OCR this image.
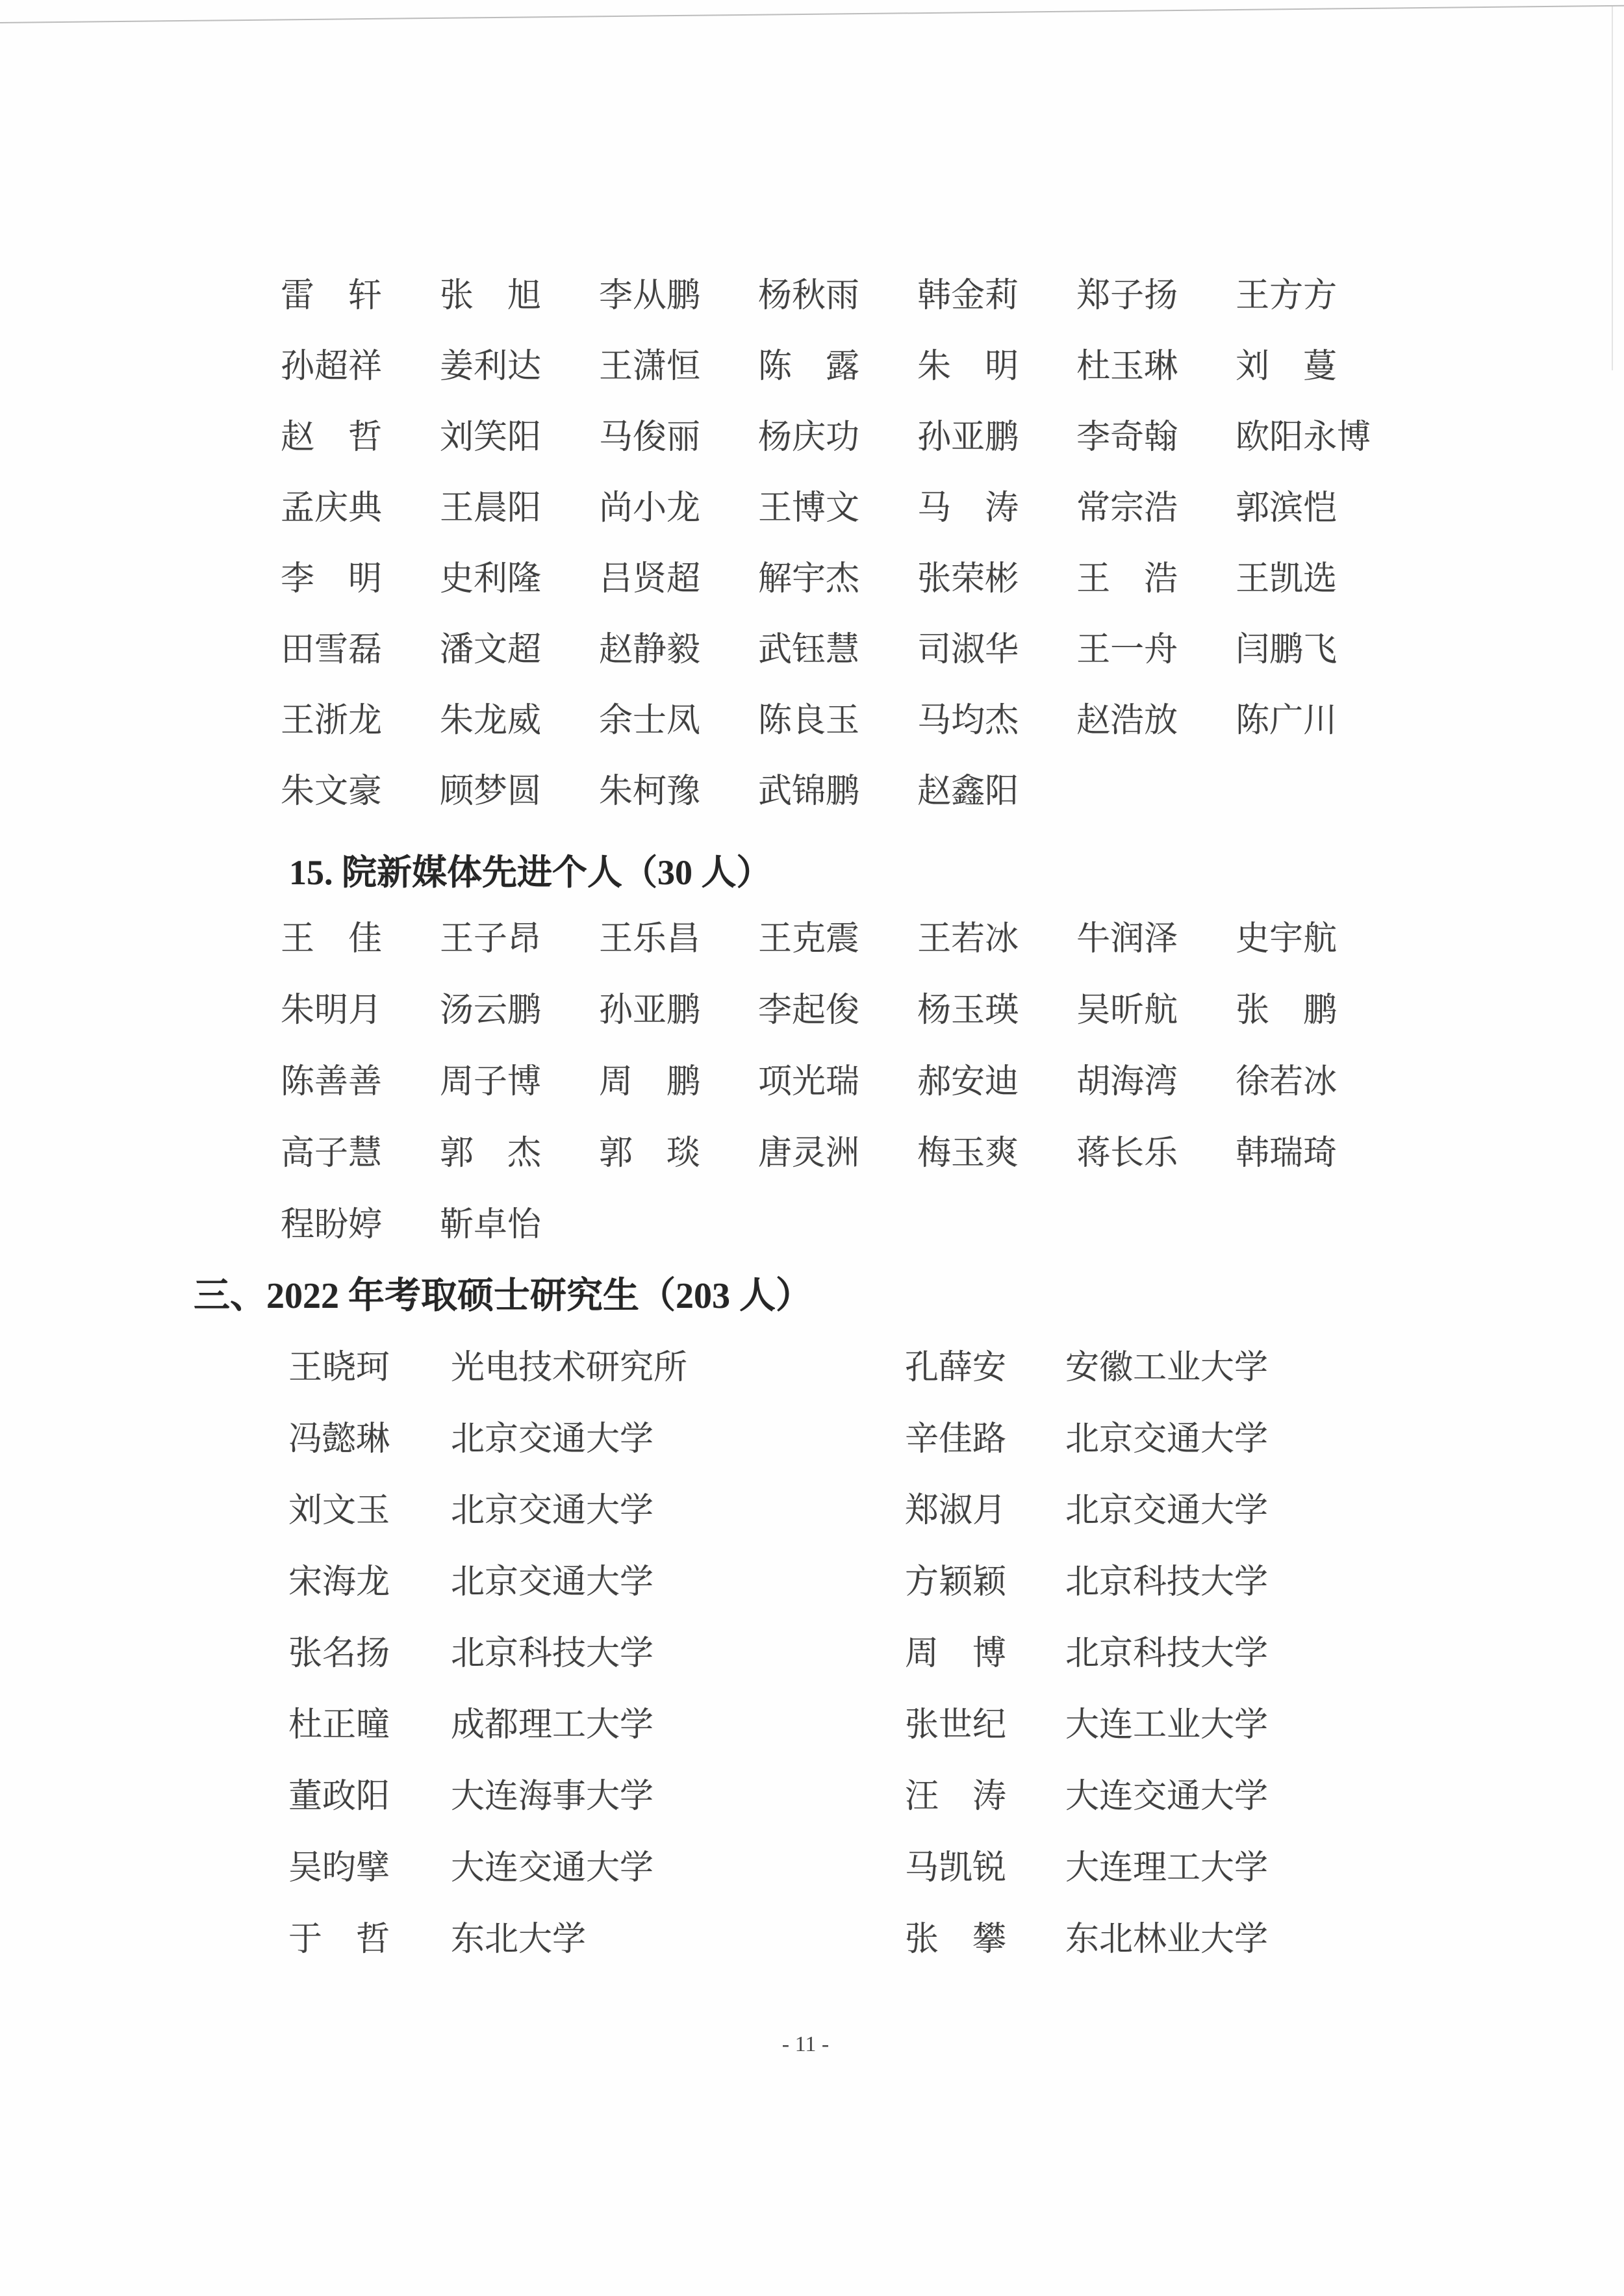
雷　轩 张　旭 李从鹏 杨秋雨 韩金莉 郑子扬 王方方
孙超祥 姜利达 王潇恒 陈　露 朱　明 杜玉琳 刘　蔓
赵　哲 刘笑阳 马俊丽 杨庆功 孙亚鹏 李奇翰 欧阳永博
孟庆典 王晨阳 尚小龙 王博文 马　涛 常宗浩 郭滨恺
李　明 史利隆 吕贤超 解宇杰 张荣彬 王　浩 王凯选
田雪磊 潘文超 赵静毅 武钰慧 司淑华 王一舟 闫鹏飞
王浙龙 朱龙威 余士凤 陈良玉 马均杰 赵浩放 陈广川
朱文豪 顾梦圆 朱柯豫 武锦鹏 赵鑫阳
15. 院新媒体先进个人（30 人）
王　佳 王子昂 王乐昌 王克震 王若冰 牛润泽 史宇航
朱明月 汤云鹏 孙亚鹏 李起俊 杨玉瑛 吴昕航 张　鹏
陈善善 周子博 周　鹏 项光瑞 郝安迪 胡海湾 徐若冰
高子慧 郭　杰 郭　琰 唐灵洲 梅玉爽 蒋长乐 韩瑞琦
程盼婷 靳卓怡
三、2022 年考取硕士研究生（203 人）
王晓珂 光电技术研究所	孔薛安 安徽工业大学
冯懿琳 北京交通大学	辛佳路 北京交通大学
刘文玉 北京交通大学	郑淑月 北京交通大学
宋海龙 北京交通大学	方颖颖 北京科技大学
张名扬 北京科技大学	周　博 北京科技大学
杜正曈 成都理工大学	张世纪 大连工业大学
董政阳 大连海事大学	汪　涛 大连交通大学
吴昀擘 大连交通大学	马凯锐 大连理工大学
于　哲 东北大学	张　攀 东北林业大学
- 11 -
